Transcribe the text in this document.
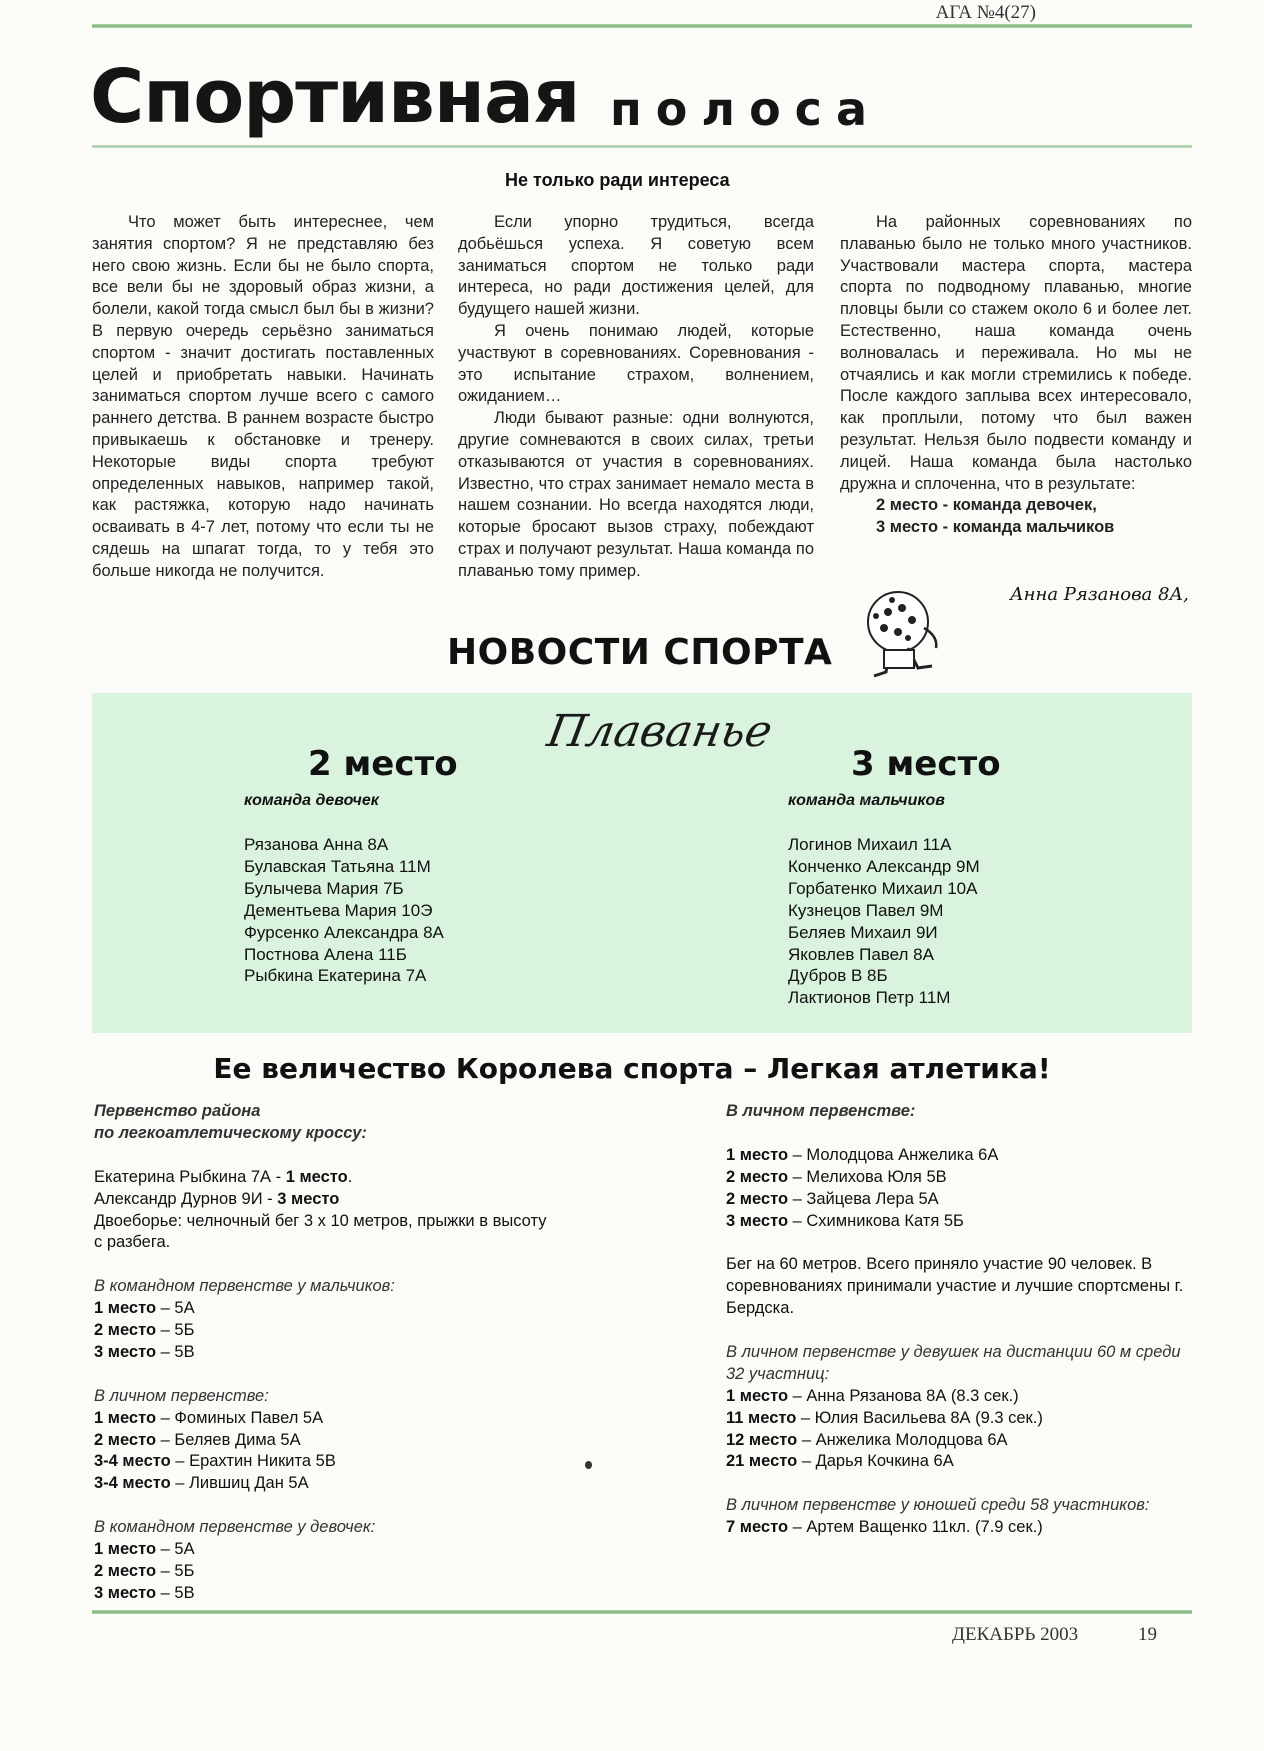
АГА №4(27)
Спортивная полоса
Не только ради интереса

Что может быть интереснее, чем занятия спортом? Я не представляю без него свою жизнь. Если бы не было спорта, все вели бы не здоровый образ жизни, а болели, какой тогда смысл был бы в жизни? В первую очередь серьёзно заниматься спортом - значит достигать поставленных целей и приобретать навыки. Начинать заниматься спортом лучше всего с самого раннего детства. В раннем возрасте быстро привыкаешь к обстановке и тренеру. Некоторые виды спорта требуют определенных навыков, например такой, как растяжка, которую надо начинать осваивать в 4-7 лет, потому что если ты не сядешь на шпагат тогда, то у тебя это больше никогда не получится.

Если упорно трудиться, всегда добьёшься успеха. Я советую всем заниматься спортом не только ради интереса, но ради достижения целей, для будущего нашей жизни.

Я очень понимаю людей, которые участвуют в соревнованиях. Соревнования - это испытание страхом, волнением, ожиданием…

Люди бывают разные: одни волнуются, другие сомневаются в своих силах, третьи отказываются от участия в соревнованиях. Известно, что страх занимает немало места в нашем сознании. Но всегда находятся люди, которые бросают вызов страху, побеждают страх и получают результат. Наша команда по плаванью тому пример.

На районных соревнованиях по плаванью было не только много участников. Участвовали мастера спорта, мастера спорта по подводному плаванью, многие пловцы были со стажем около 6 и более лет. Естественно, наша команда очень волновалась и переживала. Но мы не отчаялись и как могли стремились к победе. После каждого заплыва всех интересовало, как проплыли, потому что был важен результат. Нельзя было подвести команду и лицей. Наша команда была настолько дружна и сплоченна, что в результате:

2 место - команда девочек,
3 место - команда мальчиков
Анна Рязанова 8А,
НОВОСТИ СПОРТА
Плаванье
2 место
команда девочек
Рязанова Анна 8А
Булавская Татьяна 11М
Булычева Мария 7Б
Дементьева Мария 10Э
Фурсенко Александра 8А
Постнова Алена 11Б
Рыбкина Екатерина 7А
3 место
команда мальчиков
Логинов Михаил 11А
Конченко Александр 9М
Горбатенко Михаил 10А
Кузнецов Павел 9М
Беляев Михаил 9И
Яковлев Павел 8А
Дубров В 8Б
Лактионов Петр 11М
Ее величество Королева спорта – Легкая атлетика!
Первенство района
по легкоатлетическому кроссу:
Екатерина Рыбкина 7А - 1 место.
Александр Дурнов 9И - 3 место
Двоеборье: челночный бег 3 х 10 метров, прыжки в высоту с разбега.
В командном первенстве у мальчиков:
1 место – 5А
2 место – 5Б
3 место – 5В
В личном первенстве:
1 место – Фоминых Павел 5А
2 место – Беляев Дима 5А
3-4 место – Ерахтин Никита 5В
3-4 место – Лившиц Дан 5А
В командном первенстве у девочек:
1 место – 5А
2 место – 5Б
3 место – 5В
В личном первенстве:
1 место – Молодцова Анжелика 6А
2 место – Мелихова Юля 5В
2 место – Зайцева Лера 5А
3 место – Схимникова Катя 5Б
Бег на 60 метров. Всего приняло участие 90 человек. В соревнованиях принимали участие и лучшие спортсмены г. Бердска.
В личном первенстве у девушек на дистанции 60 м среди 32 участниц:
1 место – Анна Рязанова 8А (8.3 сек.)
11 место – Юлия Васильева 8А (9.3 сек.)
12 место – Анжелика Молодцова 6А
21 место – Дарья Кочкина 6А
В личном первенстве у юношей среди 58 участников:
7 место – Артем Ващенко 11кл. (7.9 сек.)
ДЕКАБРЬ 2003	19
